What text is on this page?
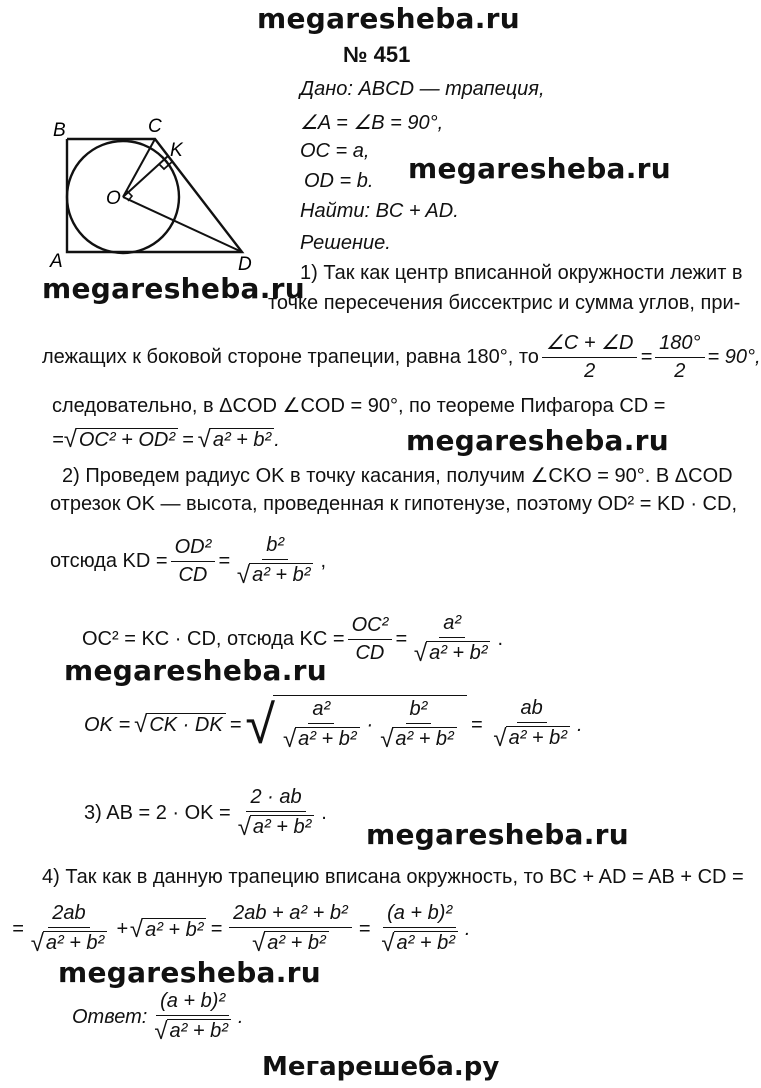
megaresheba.ru
№ 451
B	C
K
O
A	D
Дано: ABCD — трапеция,
∠A = ∠B = 90°,
OC = a,
OD = b.
Найти: BC + AD.
Решение.
megaresheba.ru
1) Так как центр вписанной окружности лежит в
megaresheba.ru
точке пересечения биссектрис и сумма углов, при-
лежащих к боковой стороне трапеции, равна 180°, то $\frac{\angle C + \angle D}{2} = \frac{180^\circ}{2} = 90^\circ$,
следовательно, в ΔCOD ∠COD = 90°, по теореме Пифагора CD =
= √ OC² + OD² = √ a² + b² .	megaresheba.ru
2) Проведем радиус OK в точку касания, получим ∠CKO = 90°. В ΔCOD
отрезок OK — высота, проведенная к гипотенузе, поэтому OD² = KD · CD,
отсюда KD = $\frac{\text{OD²}}{CD} = \frac{\text{b²}}{\text{√ a² + b²}}$ ,
OC² = KC · CD, отсюда KC = $\frac{\text{OC²}}{CD} = \frac{\text{a²}}{\text{√ a² + b²}}$ .
megaresheba.ru
OK = √ CK · DK = √ $\frac{\text{a²}}{\text{√ a² + b²}} \cdot \frac{\text{b²}}{\text{√ a² + b²}} = \frac{ab}{\text{√ a² + b²}}$ .
3) AB = 2 · OK = $\frac{2 \cdot ab}{\text{√ a² + b²}}$ .
megaresheba.ru
4) Так как в данную трапецию вписана окружность, то BC + AD = AB + CD =
= $\frac{2ab}{\text{√ a² + b²}}$ + √ $a^2 + b^2 = \frac{\text{2ab + a² + b²}}{\text{√ a² + b²}} = \frac{\text{(a + b)²}}{\text{√ a² + b²}}$ .
megaresheba.ru
Ответ: $\frac{\text{(a + b)²}}{\text{√ a² + b²}}$ .
Мегарешеба.ру
